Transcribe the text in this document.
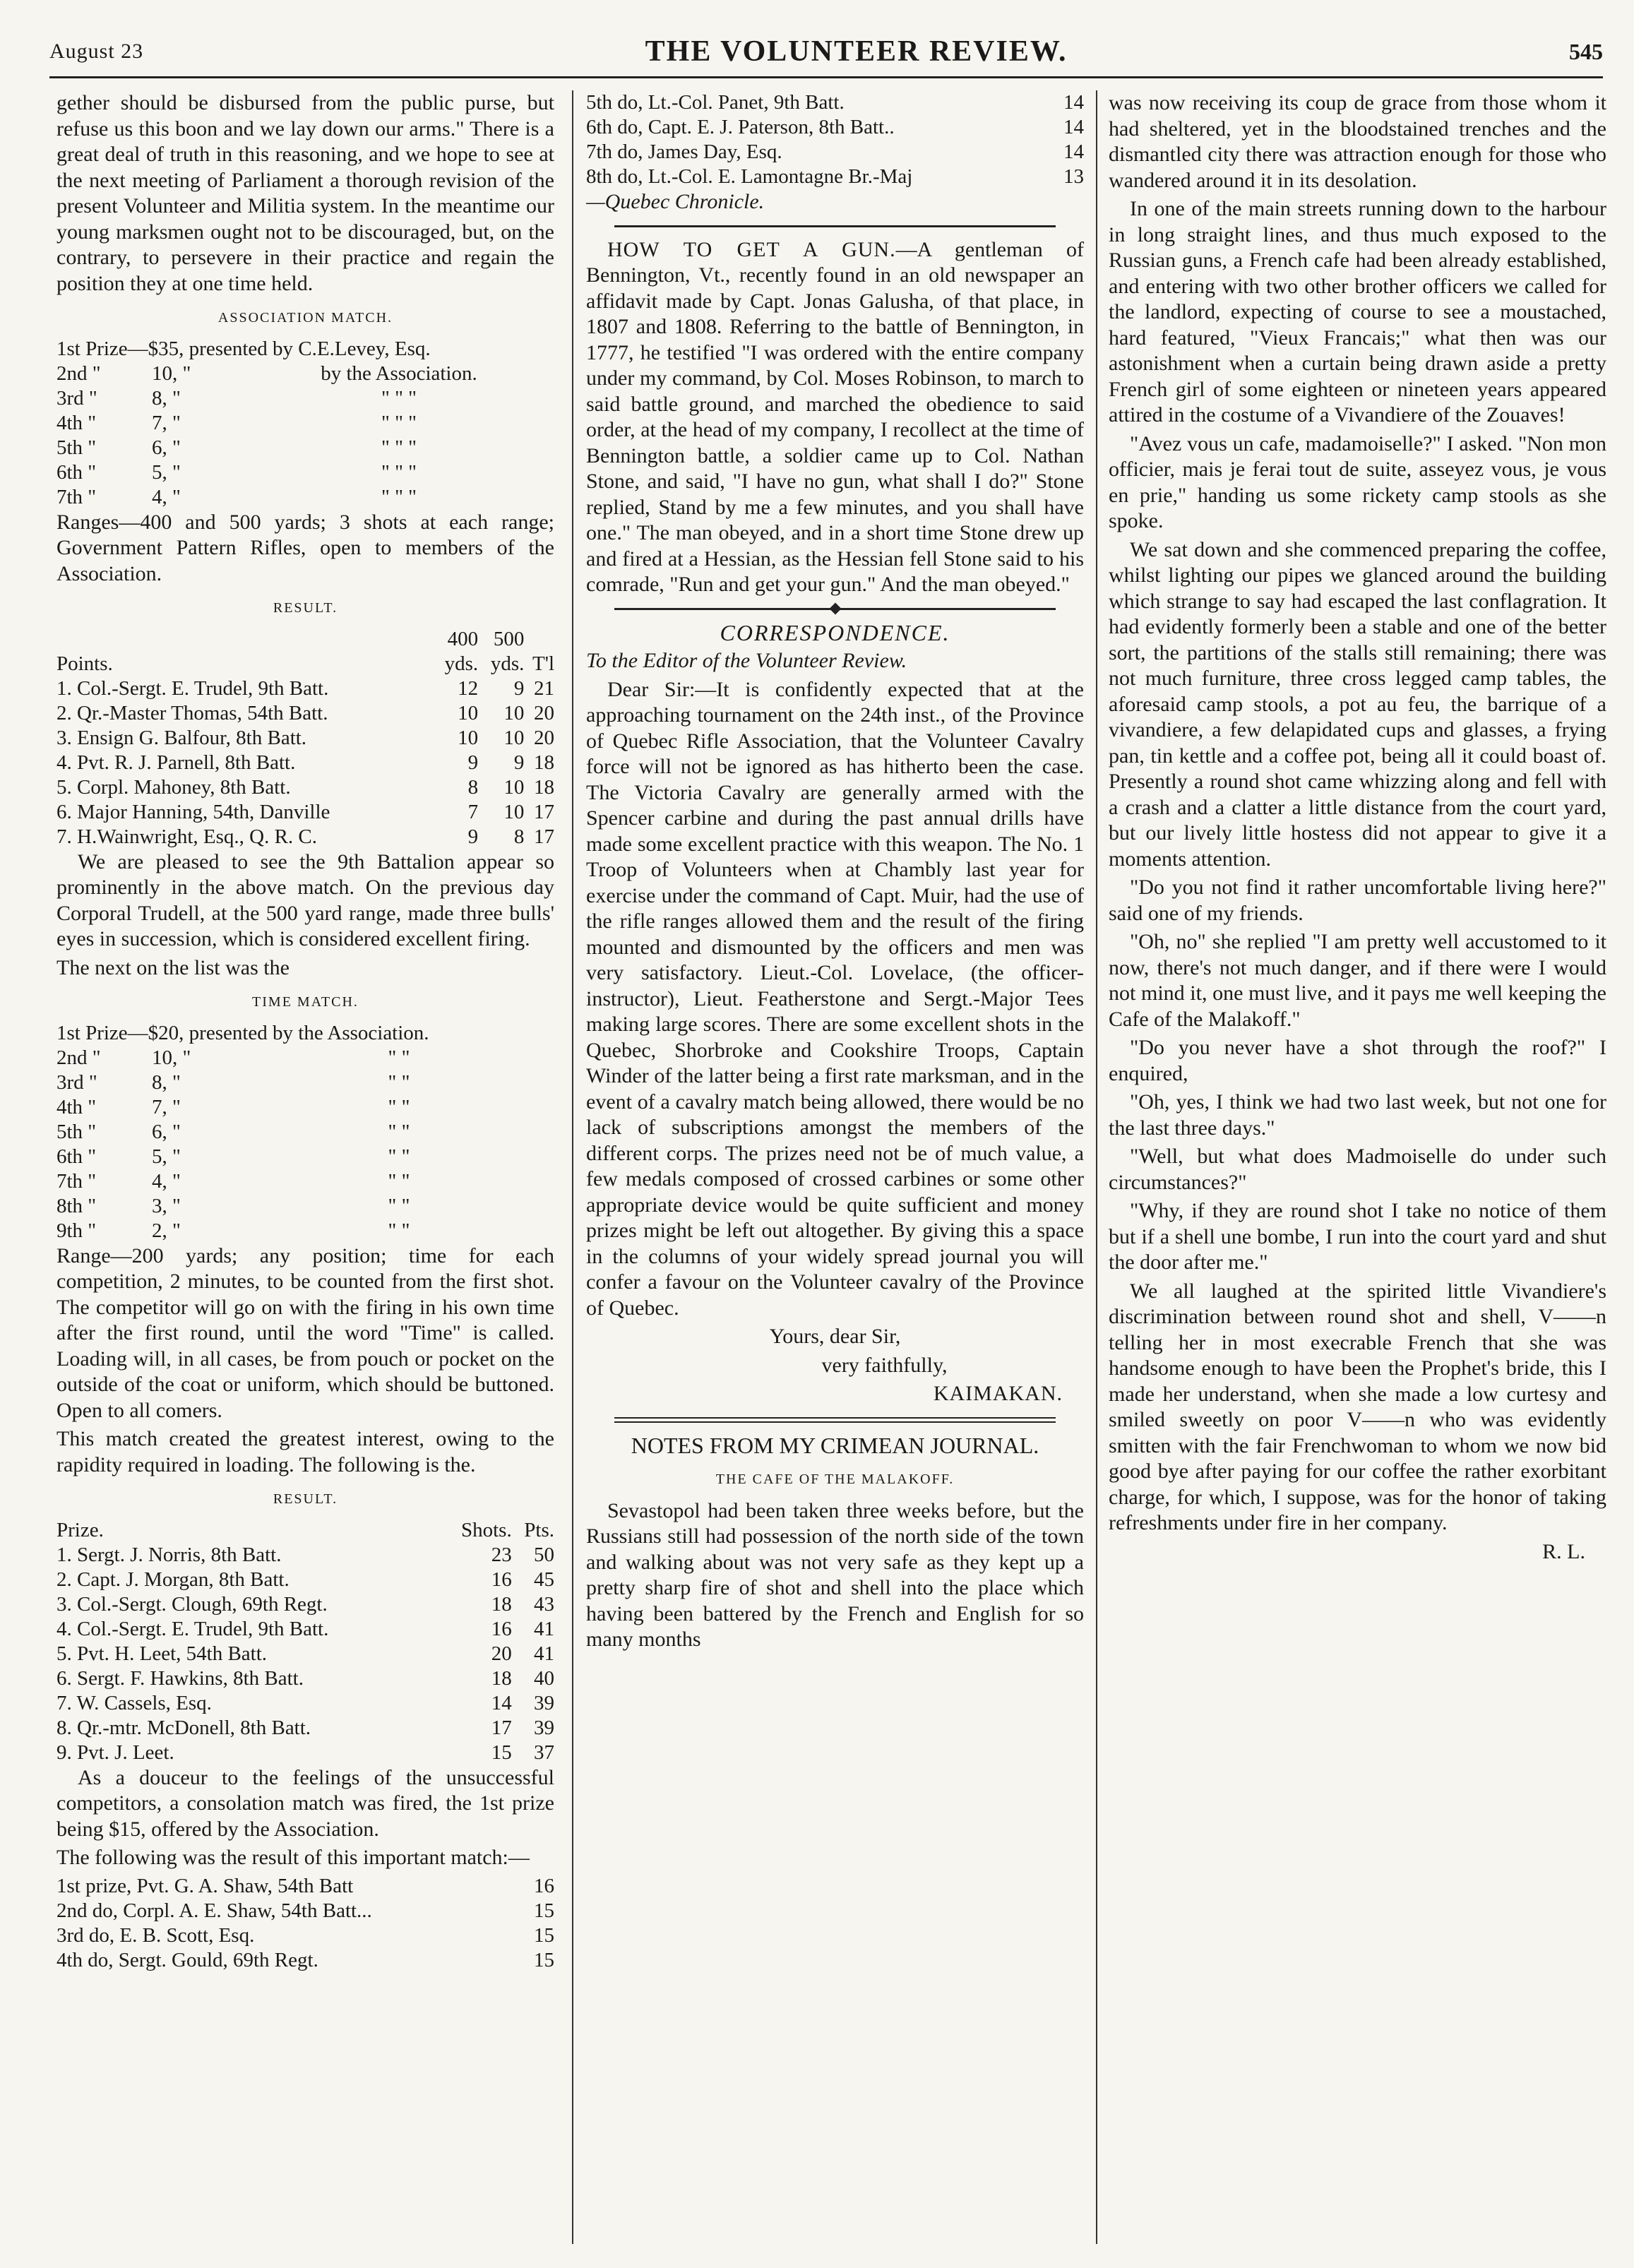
August 23	THE VOLUNTEER REVIEW.	545

gether should be disbursed from the public purse, but refuse us this boon and we lay down our arms." There is a great deal of truth in this reasoning, and we hope to see at the next meeting of Parliament a thorough revision of the present Volunteer and Militia system. In the meantime our young marksmen ought not to be discouraged, but, on the contrary, to persevere in their practice and regain the position they at one time held.

ASSOCIATION MATCH.
1st Prize—$35, presented by C.E.Levey, Esq.		
2nd "	10, "	by the Association.
3rd "	8, "	" " "
4th "	7, "	" " "
5th "	6, "	" " "
6th "	5, "	" " "
7th "	4, "	" " "

Ranges—400 and 500 yards; 3 shots at each range; Government Pattern Rifles, open to members of the Association.

RESULT.
	400	500	
Points.	yds.	yds.	T'l
1. Col.-Sergt. E. Trudel, 9th Batt.	12	9	21
2. Qr.-Master Thomas, 54th Batt.	10	10	20
3. Ensign G. Balfour, 8th Batt.	10	10	20
4. Pvt. R. J. Parnell, 8th Batt.	9	9	18
5. Corpl. Mahoney, 8th Batt.	8	10	18
6. Major Hanning, 54th, Danville	7	10	17
7. H.Wainwright, Esq., Q. R. C.	9	8	17

We are pleased to see the 9th Battalion appear so prominently in the above match. On the previous day Corporal Trudell, at the 500 yard range, made three bulls' eyes in succession, which is considered excellent firing.

The next on the list was the

TIME MATCH.
1st Prize—$20, presented by the Association.		
2nd "	10, "	" "
3rd "	8, "	" "
4th "	7, "	" "
5th "	6, "	" "
6th "	5, "	" "
7th "	4, "	" "
8th "	3, "	" "
9th "	2, "	" "

Range—200 yards; any position; time for each competition, 2 minutes, to be counted from the first shot. The competitor will go on with the firing in his own time after the first round, until the word "Time" is called. Loading will, in all cases, be from pouch or pocket on the outside of the coat or uniform, which should be buttoned. Open to all comers.

This match created the greatest interest, owing to the rapidity required in loading. The following is the.

RESULT.
Prize.	Shots.	Pts.
1. Sergt. J. Norris, 8th Batt.	23	50
2. Capt. J. Morgan, 8th Batt.	16	45
3. Col.-Sergt. Clough, 69th Regt.	18	43
4. Col.-Sergt. E. Trudel, 9th Batt.	16	41
5. Pvt. H. Leet, 54th Batt.	20	41
6. Sergt. F. Hawkins, 8th Batt.	18	40
7. W. Cassels, Esq.	14	39
8. Qr.-mtr. McDonell, 8th Batt.	17	39
9. Pvt. J. Leet.	15	37

As a douceur to the feelings of the unsuccessful competitors, a consolation match was fired, the 1st prize being $15, offered by the Association.

The following was the result of this important match:—

1st prize, Pvt. G. A. Shaw, 54th Batt	16
2nd do, Corpl. A. E. Shaw, 54th Batt...	15
3rd do, E. B. Scott, Esq.	15
4th do, Sergt. Gould, 69th Regt.	15
5th do, Lt.-Col. Panet, 9th Batt.	14
6th do, Capt. E. J. Paterson, 8th Batt..	14
7th do, James Day, Esq.	14
8th do, Lt.-Col. E. Lamontagne Br.-Maj	13

—Quebec Chronicle.

HOW TO GET A GUN.—A gentleman of Bennington, Vt., recently found in an old newspaper an affidavit made by Capt. Jonas Galusha, of that place, in 1807 and 1808. Referring to the battle of Bennington, in 1777, he testified "I was ordered with the entire company under my command, by Col. Moses Robinson, to march to said battle ground, and marched the obedience to said order, at the head of my company, I recollect at the time of Bennington battle, a soldier came up to Col. Nathan Stone, and said, "I have no gun, what shall I do?" Stone replied, Stand by me a few minutes, and you shall have one." The man obeyed, and in a short time Stone drew up and fired at a Hessian, as the Hessian fell Stone said to his comrade, "Run and get your gun." And the man obeyed."

CORRESPONDENCE.

To the Editor of the Volunteer Review.

Dear Sir:—It is confidently expected that at the approaching tournament on the 24th inst., of the Province of Quebec Rifle Association, that the Volunteer Cavalry force will not be ignored as has hitherto been the case. The Victoria Cavalry are generally armed with the Spencer carbine and during the past annual drills have made some excellent practice with this weapon. The No. 1 Troop of Volunteers when at Chambly last year for exercise under the command of Capt. Muir, had the use of the rifle ranges allowed them and the result of the firing mounted and dismounted by the officers and men was very satisfactory. Lieut.-Col. Lovelace, (the officer-instructor), Lieut. Featherstone and Sergt.-Major Tees making large scores. There are some excellent shots in the Quebec, Shorbroke and Cookshire Troops, Captain Winder of the latter being a first rate marksman, and in the event of a cavalry match being allowed, there would be no lack of subscriptions amongst the members of the different corps. The prizes need not be of much value, a few medals composed of crossed carbines or some other appropriate device would be quite sufficient and money prizes might be left out altogether. By giving this a space in the columns of your widely spread journal you will confer a favour on the Volunteer cavalry of the Province of Quebec.

Yours, dear Sir,

very faithfully,

KAIMAKAN.

NOTES FROM MY CRIMEAN JOURNAL.

THE CAFE OF THE MALAKOFF.

Sevastopol had been taken three weeks before, but the Russians still had possession of the north side of the town and walking about was not very safe as they kept up a pretty sharp fire of shot and shell into the place which having been battered by the French and English for so many months

was now receiving its coup de grace from those whom it had sheltered, yet in the bloodstained trenches and the dismantled city there was attraction enough for those who wandered around it in its desolation.

In one of the main streets running down to the harbour in long straight lines, and thus much exposed to the Russian guns, a French cafe had been already established, and entering with two other brother officers we called for the landlord, expecting of course to see a moustached, hard featured, "Vieux Francais;" what then was our astonishment when a curtain being drawn aside a pretty French girl of some eighteen or nineteen years appeared attired in the costume of a Vivandiere of the Zouaves!

"Avez vous un cafe, madamoiselle?" I asked. "Non mon officier, mais je ferai tout de suite, asseyez vous, je vous en prie," handing us some rickety camp stools as she spoke.

We sat down and she commenced preparing the coffee, whilst lighting our pipes we glanced around the building which strange to say had escaped the last conflagration. It had evidently formerly been a stable and one of the better sort, the partitions of the stalls still remaining; there was not much furniture, three cross legged camp tables, the aforesaid camp stools, a pot au feu, the barrique of a vivandiere, a few delapidated cups and glasses, a frying pan, tin kettle and a coffee pot, being all it could boast of. Presently a round shot came whizzing along and fell with a crash and a clatter a little distance from the court yard, but our lively little hostess did not appear to give it a moments attention.

"Do you not find it rather uncomfortable living here?" said one of my friends.

"Oh, no" she replied "I am pretty well accustomed to it now, there's not much danger, and if there were I would not mind it, one must live, and it pays me well keeping the Cafe of the Malakoff."

"Do you never have a shot through the roof?" I enquired,

"Oh, yes, I think we had two last week, but not one for the last three days."

"Well, but what does Madmoiselle do under such circumstances?"

"Why, if they are round shot I take no notice of them but if a shell une bombe, I run into the court yard and shut the door after me."

We all laughed at the spirited little Vivandiere's discrimination between round shot and shell, V——n telling her in most execrable French that she was handsome enough to have been the Prophet's bride, this I made her understand, when she made a low curtesy and smiled sweetly on poor V——n who was evidently smitten with the fair Frenchwoman to whom we now bid good bye after paying for our coffee the rather exorbitant charge, for which, I suppose, was for the honor of taking refreshments under fire in her company.

R. L.
